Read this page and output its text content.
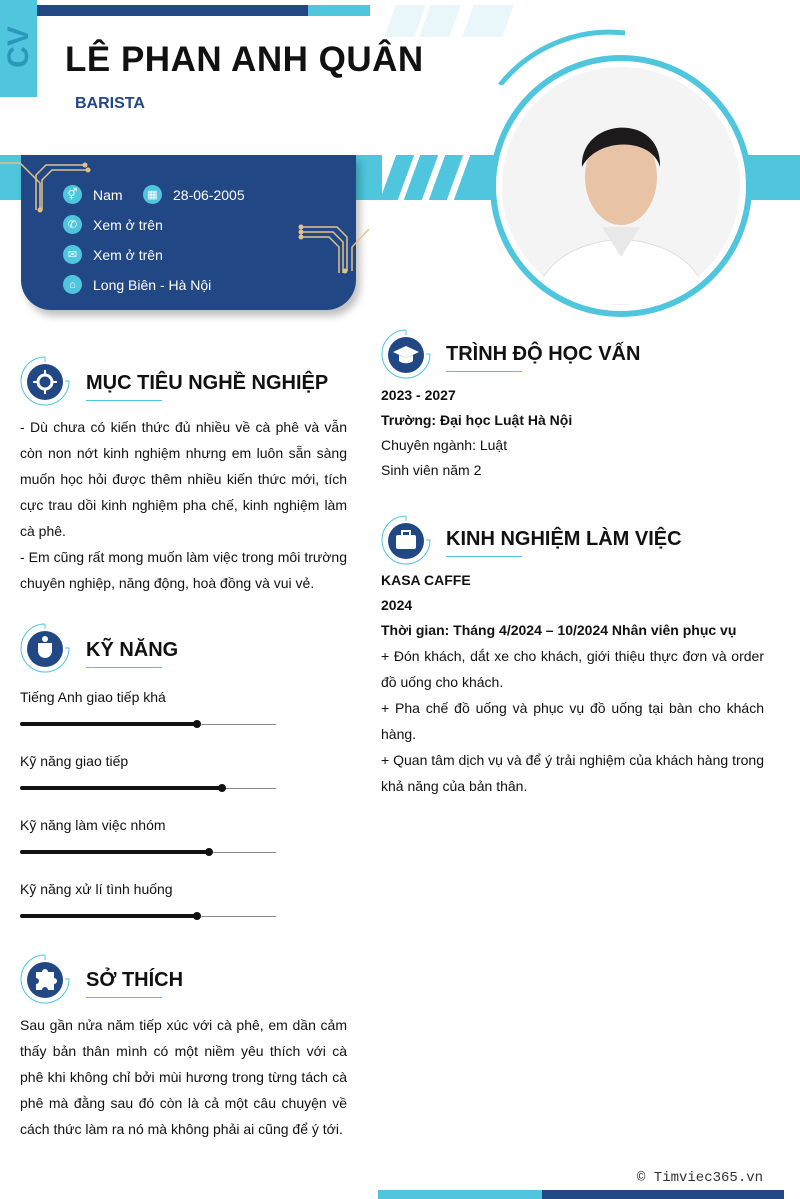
CV LÊ PHAN ANH QUÂN
BARISTA
⚥	Nam	▦	28-06-2005
✆	Xem ở trên
✉	Xem ở trên
⌂	Long Biên - Hà Nội
MỤC TIÊU NGHỀ NGHIỆP
- Dù chưa có kiến thức đủ nhiều về cà phê và vẫn còn non nớt kinh nghiệm nhưng em luôn sẵn sàng muốn học hỏi được thêm nhiều kiến thức mới, tích cực trau dồi kinh nghiệm pha chế, kinh nghiệm làm cà phê.
- Em cũng rất mong muốn làm việc trong môi trường chuyên nghiệp, năng động, hoà đồng và vui vẻ.
KỸ NĂNG
Tiếng Anh giao tiếp khá
Kỹ năng giao tiếp
Kỹ năng làm việc nhóm
Kỹ năng xử lí tình huống
SỞ THÍCH
Sau gần nửa năm tiếp xúc với cà phê, em dần cảm thấy bản thân mình có một niềm yêu thích với cà phê khi không chỉ bởi mùi hương trong từng tách cà phê mà đằng sau đó còn là cả một câu chuyện về cách thức làm ra nó mà không phải ai cũng để ý tới.
TRÌNH ĐỘ HỌC VẤN
2023 - 2027
Trường: Đại học Luật Hà Nội
Chuyên ngành: Luật
Sinh viên năm 2
KINH NGHIỆM LÀM VIỆC
KASA CAFFE
2024
Thời gian: Tháng 4/2024 – 10/2024 Nhân viên phục vụ
+ Đón khách, dắt xe cho khách, giới thiệu thực đơn và order đồ uống cho khách.
+ Pha chế đồ uống và phục vụ đồ uống tại bàn cho khách hàng.
+ Quan tâm dịch vụ và để ý trải nghiệm của khách hàng trong khả năng của bản thân.
© Timviec365.vn
